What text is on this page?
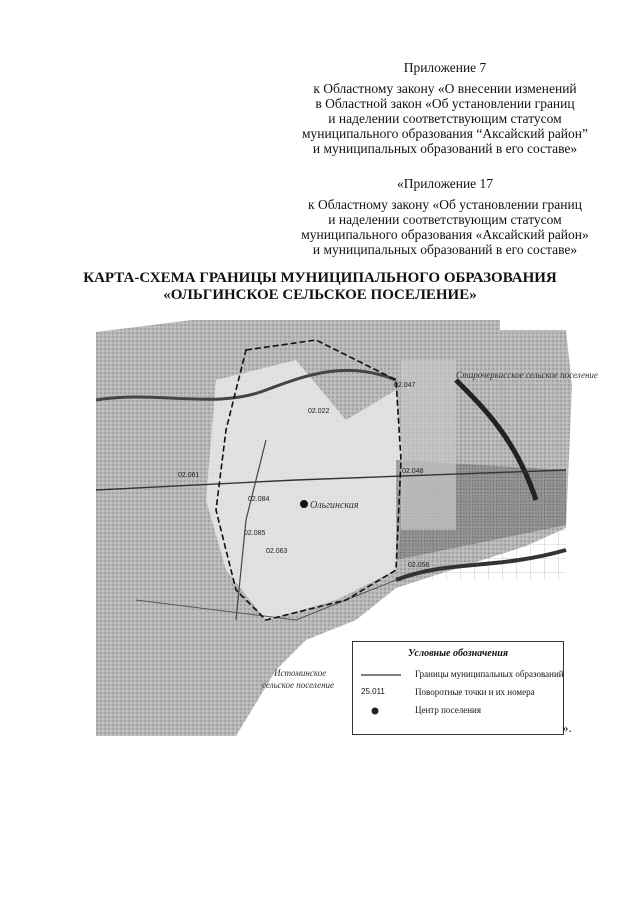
Приложение 7
к Областному закону «О внесении изменений
в Областной закон «Об установлении границ
и наделении соответствующим статусом
муниципального образования “Аксайский район”
и муниципальных образований в его составе»
«Приложение 17
к Областному закону «Об установлении границ
и наделении соответствующим статусом
муниципального образования «Аксайский район»
и муниципальных образований в его составе»
КАРТА-СХЕМА ГРАНИЦЫ МУНИЦИПАЛЬНОГО ОБРАЗОВАНИЯ
«ОЛЬГИНСКОЕ СЕЛЬСКОЕ ПОСЕЛЕНИЕ»
Старочеркасское сельское поселение
Ольгинская
Истоминское
сельское поселение
02.047
02.022
02.061
02.084
02.085
02.063
02.048
02.056
Условные обозначения
Границы муниципальных образований
25.011	Поворотные точки и их номера
Центр поселения
».
